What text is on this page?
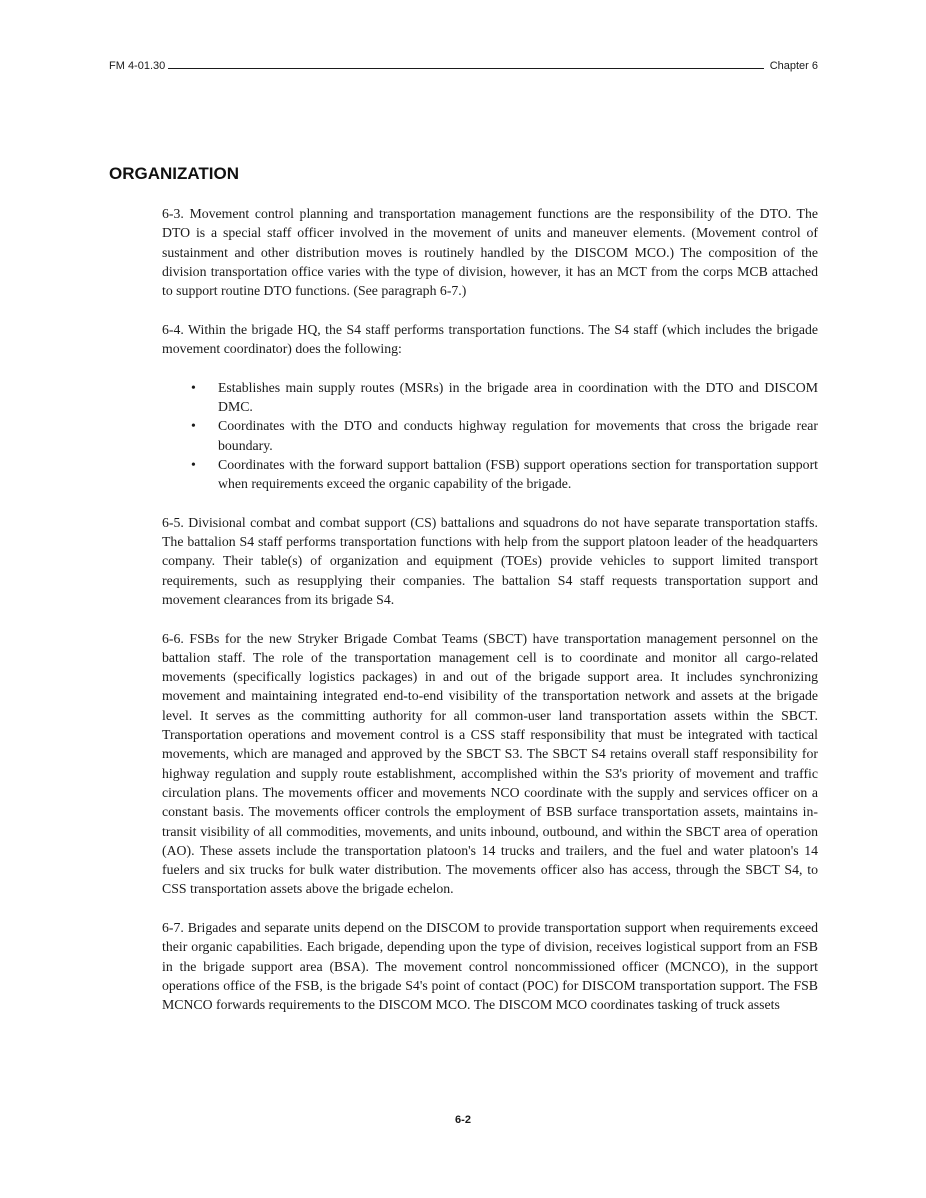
FM 4-01.30	Chapter 6
ORGANIZATION

6-3. Movement control planning and transportation management functions are the responsibility of the DTO. The DTO is a special staff officer involved in the movement of units and maneuver elements. (Movement control of sustainment and other distribution moves is routinely handled by the DISCOM MCO.) The composition of the division transportation office varies with the type of division, however, it has an MCT from the corps MCB attached to support routine DTO functions. (See paragraph 6-7.)

6-4. Within the brigade HQ, the S4 staff performs transportation functions. The S4 staff (which includes the brigade movement coordinator) does the following:

• Establishes main supply routes (MSRs) in the brigade area in coordination with the DTO and DISCOM DMC.
• Coordinates with the DTO and conducts highway regulation for movements that cross the brigade rear boundary.
• Coordinates with the forward support battalion (FSB) support operations section for transportation support when requirements exceed the organic capability of the brigade.

6-5. Divisional combat and combat support (CS) battalions and squadrons do not have separate transportation staffs. The battalion S4 staff performs transportation functions with help from the support platoon leader of the headquarters company. Their table(s) of organization and equipment (TOEs) provide vehicles to support limited transport requirements, such as resupplying their companies. The battalion S4 staff requests transportation support and movement clearances from its brigade S4.

6-6. FSBs for the new Stryker Brigade Combat Teams (SBCT) have transportation management personnel on the battalion staff. The role of the transportation management cell is to coordinate and monitor all cargo-related movements (specifically logistics packages) in and out of the brigade support area. It includes synchronizing movement and maintaining integrated end-to-end visibility of the transportation network and assets at the brigade level. It serves as the committing authority for all common-user land transportation assets within the SBCT. Transportation operations and movement control is a CSS staff responsibility that must be integrated with tactical movements, which are managed and approved by the SBCT S3. The SBCT S4 retains overall staff responsibility for highway regulation and supply route establishment, accomplished within the S3's priority of movement and traffic circulation plans. The movements officer and movements NCO coordinate with the supply and services officer on a constant basis. The movements officer controls the employment of BSB surface transportation assets, maintains in-transit visibility of all commodities, movements, and units inbound, outbound, and within the SBCT area of operation (AO). These assets include the transportation platoon's 14 trucks and trailers, and the fuel and water platoon's 14 fuelers and six trucks for bulk water distribution. The movements officer also has access, through the SBCT S4, to CSS transportation assets above the brigade echelon.

6-7. Brigades and separate units depend on the DISCOM to provide transportation support when requirements exceed their organic capabilities. Each brigade, depending upon the type of division, receives logistical support from an FSB in the brigade support area (BSA). The movement control noncommissioned officer (MCNCO), in the support operations office of the FSB, is the brigade S4's point of contact (POC) for DISCOM transportation support. The FSB MCNCO forwards requirements to the DISCOM MCO. The DISCOM MCO coordinates tasking of truck assets

6-2
